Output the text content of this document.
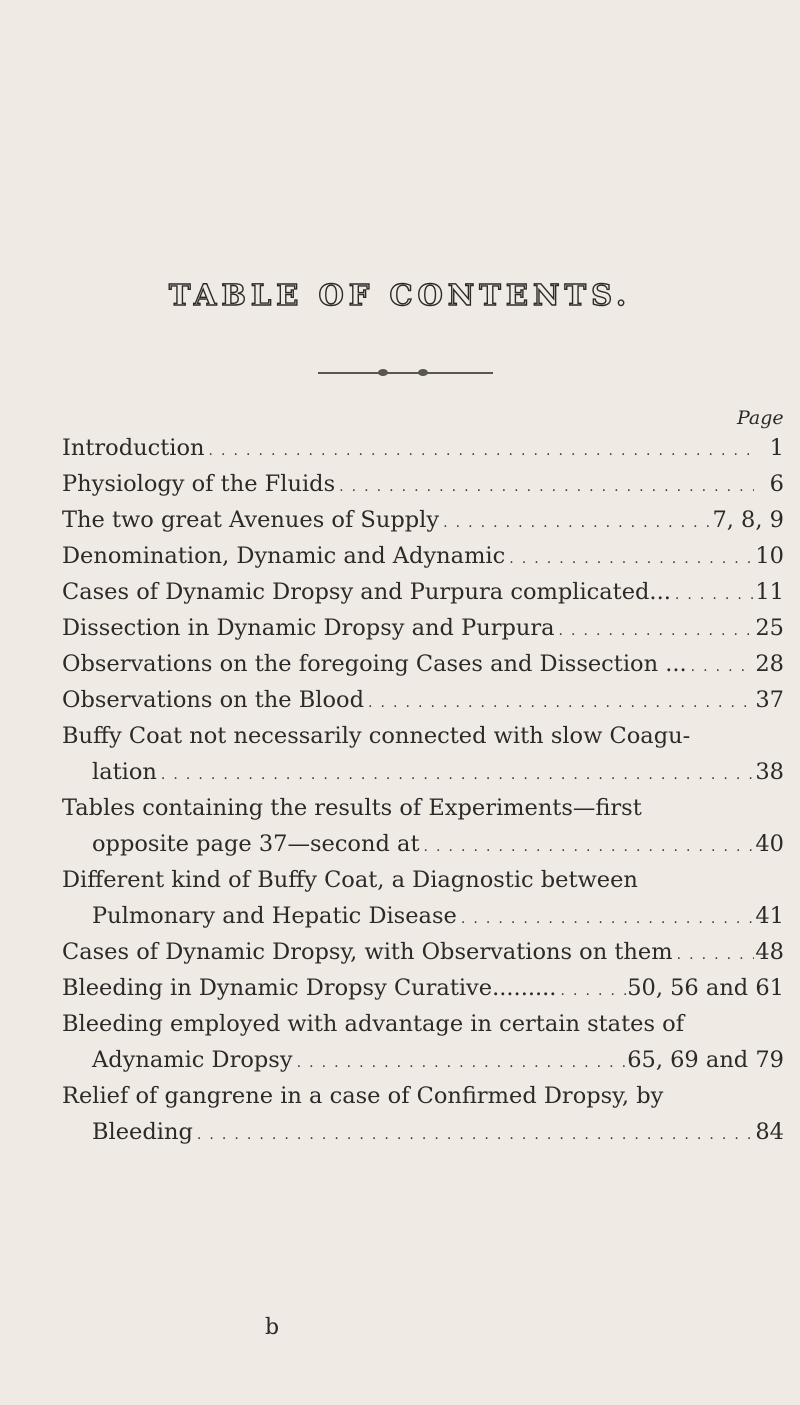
TABLE OF CONTENTS.
Page
Introduction . . .	1
Physiology of the Fluids . . .	6
The two great Avenues of Supply . . .	7, 8, 9
Denomination, Dynamic and Adynamic . . .	10
Cases of Dynamic Dropsy and Purpura complicated... . . .	11
Dissection in Dynamic Dropsy and Purpura . . .	25
Observations on the foregoing Cases and Dissection ... . . .	28
Observations on the Blood . . .	37
Buffy Coat not necessarily connected with slow Coagu-
lation . . .	38
Tables containing the results of Experiments—first
opposite page 37—second at . . .	40
Different kind of Buffy Coat, a Diagnostic between
Pulmonary and Hepatic Disease . . .	41
Cases of Dynamic Dropsy, with Observations on them . . .	48
Bleeding in Dynamic Dropsy Curative......... . . .	50, 56 and 61
Bleeding employed with advantage in certain states of
Adynamic Dropsy . . .	65, 69 and 79
Relief of gangrene in a case of Confirmed Dropsy, by
Bleeding . . .	84
b
